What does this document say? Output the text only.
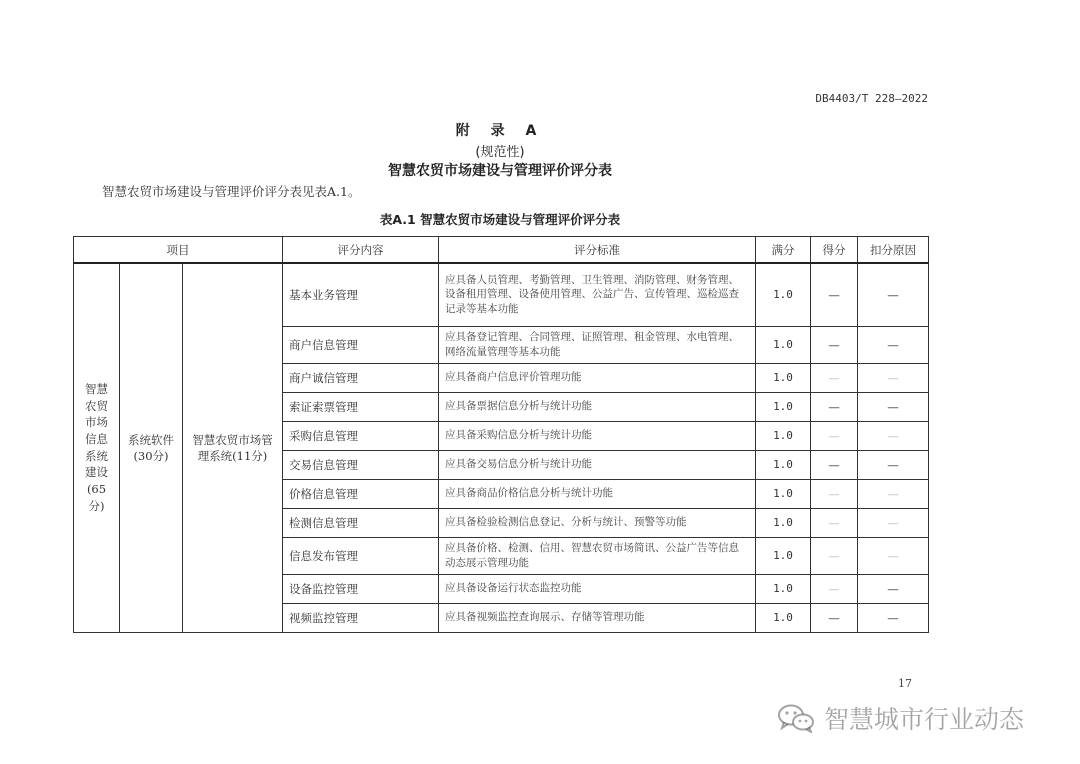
DB4403/T 228—2022
附 录 A
(规范性)
智慧农贸市场建设与管理评价评分表
智慧农贸市场建设与管理评价评分表见表A.1。
表A.1 智慧农贸市场建设与管理评价评分表
项目			评分内容	评分标准	满分	得分	扣分原因

智慧农贸市场信息系统建设(65分)	系统软件(30分)	智慧农贸市场管理系统(11分)	基本业务管理	应具备人员管理、考勤管理、卫生管理、消防管理、财务管理、设备租用管理、设备使用管理、公益广告、宣传管理、巡检巡查记录等基本功能	1.0	—	—
			商户信息管理	应具备登记管理、合同管理、证照管理、租金管理、水电管理、网络流量管理等基本功能	1.0	—	—
			商户诚信管理	应具备商户信息评价管理功能	1.0	—	—
			索证索票管理	应具备票据信息分析与统计功能	1.0	—	—
			采购信息管理	应具备采购信息分析与统计功能	1.0	—	—
			交易信息管理	应具备交易信息分析与统计功能	1.0	—	—
			价格信息管理	应具备商品价格信息分析与统计功能	1.0	—	—
			检测信息管理	应具备检验检测信息登记、分析与统计、预警等功能	1.0	—	—
			信息发布管理	应具备价格、检测、信用、智慧农贸市场简讯、公益广告等信息动态展示管理功能	1.0	—	—
			设备监控管理	应具备设备运行状态监控功能	1.0	—	—
			视频监控管理	应具备视频监控查询展示、存储等管理功能	1.0	—	—
17
智慧城市行业动态
